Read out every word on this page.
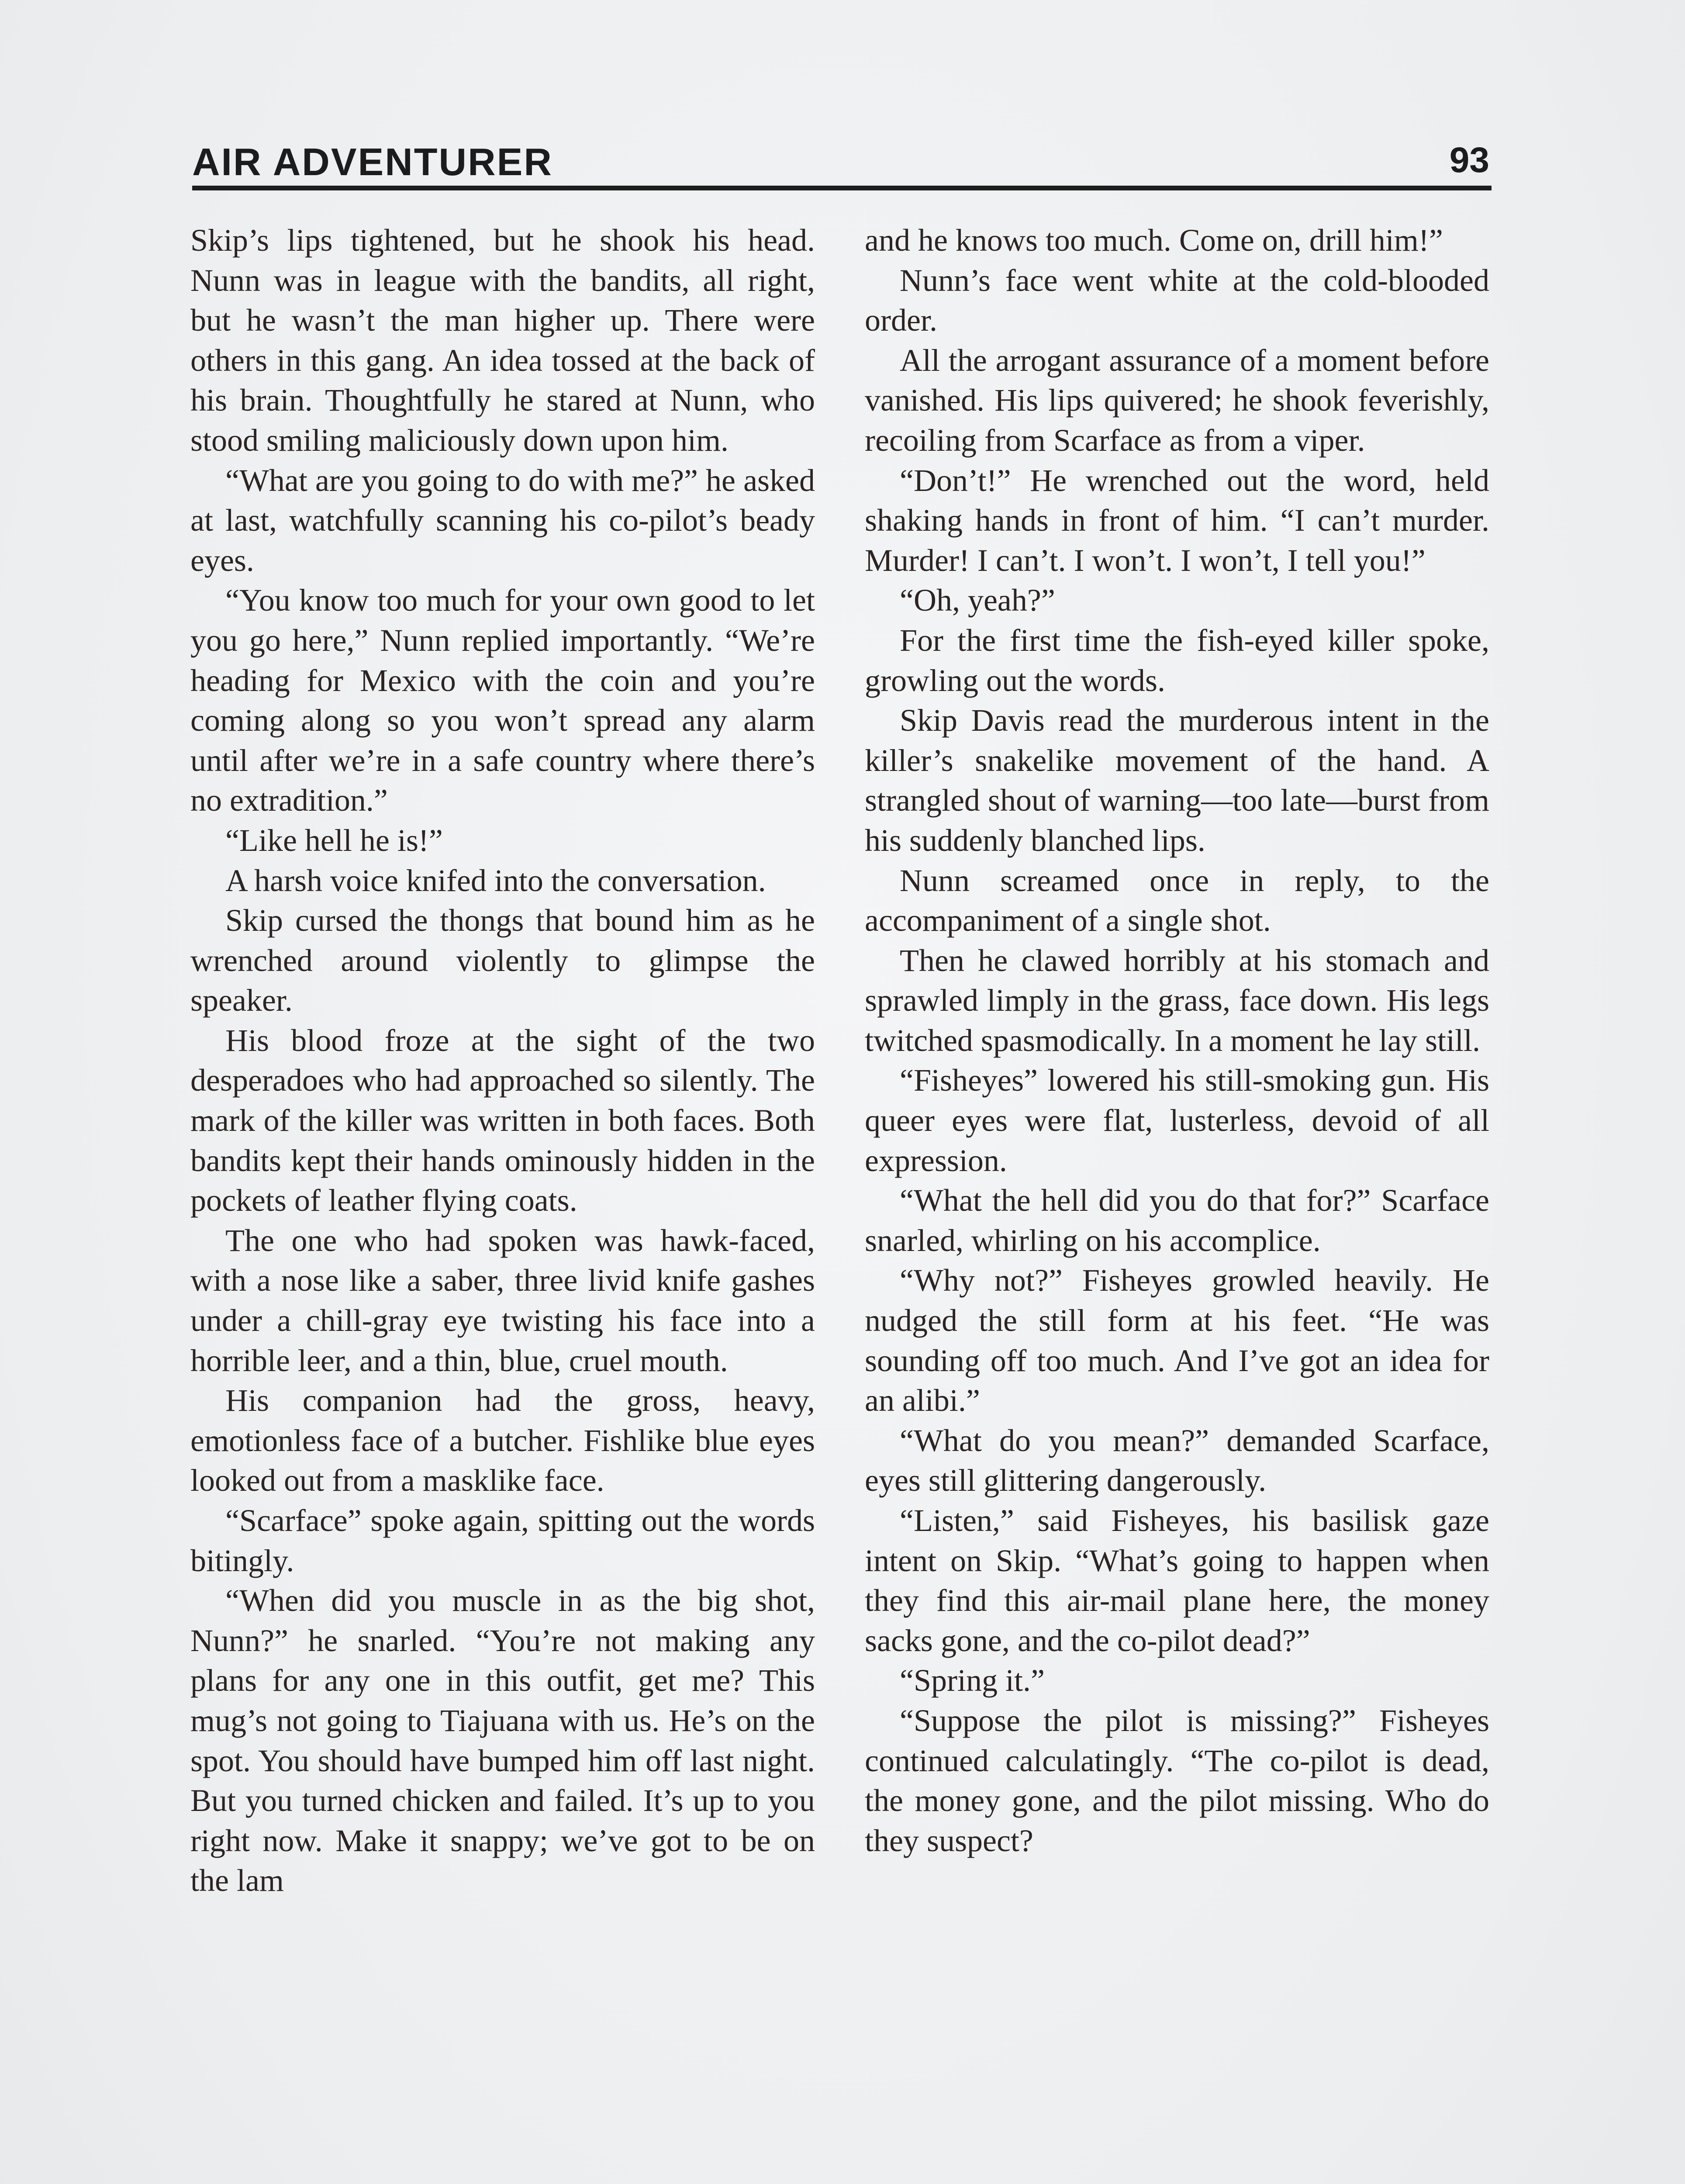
AIR ADVENTURER	93

Skip’s lips tightened, but he shook his head. Nunn was in league with the bandits, all right, but he wasn’t the man higher up. There were others in this gang. An idea tossed at the back of his brain. Thoughtfully he stared at Nunn, who stood smiling maliciously down upon him.

“What are you going to do with me?” he asked at last, watchfully scanning his co-pilot’s beady eyes.

“You know too much for your own good to let you go here,” Nunn replied importantly. “We’re heading for Mexico with the coin and you’re coming along so you won’t spread any alarm until after we’re in a safe country where there’s no extradition.”

“Like hell he is!”

A harsh voice knifed into the conversation.

Skip cursed the thongs that bound him as he wrenched around violently to glimpse the speaker.

His blood froze at the sight of the two desperadoes who had approached so silently. The mark of the killer was written in both faces. Both bandits kept their hands ominously hidden in the pockets of leather flying coats.

The one who had spoken was hawk-faced, with a nose like a saber, three livid knife gashes under a chill-gray eye twisting his face into a horrible leer, and a thin, blue, cruel mouth.

His companion had the gross, heavy, emotionless face of a butcher. Fishlike blue eyes looked out from a masklike face.

“Scarface” spoke again, spitting out the words bitingly.

“When did you muscle in as the big shot, Nunn?” he snarled. “You’re not making any plans for any one in this outfit, get me? This mug’s not going to Tiajuana with us. He’s on the spot. You should have bumped him off last night. But you turned chicken and failed. It’s up to you right now. Make it snappy; we’ve got to be on the lam

and he knows too much. Come on, drill him!”

Nunn’s face went white at the cold-blooded order.

All the arrogant assurance of a moment before vanished. His lips quivered; he shook feverishly, recoiling from Scarface as from a viper.

“Don’t!” He wrenched out the word, held shaking hands in front of him. “I can’t murder. Murder! I can’t. I won’t. I won’t, I tell you!”

“Oh, yeah?”

For the first time the fish-eyed killer spoke, growling out the words.

Skip Davis read the murderous intent in the killer’s snakelike movement of the hand. A strangled shout of warning—too late—burst from his suddenly blanched lips.

Nunn screamed once in reply, to the accompaniment of a single shot.

Then he clawed horribly at his stomach and sprawled limply in the grass, face down. His legs twitched spasmodically. In a moment he lay still.

“Fisheyes” lowered his still-smoking gun. His queer eyes were flat, lusterless, devoid of all expression.

“What the hell did you do that for?” Scarface snarled, whirling on his accomplice.

“Why not?” Fisheyes growled heavily. He nudged the still form at his feet. “He was sounding off too much. And I’ve got an idea for an alibi.”

“What do you mean?” demanded Scarface, eyes still glittering dangerously.

“Listen,” said Fisheyes, his basilisk gaze intent on Skip. “What’s going to happen when they find this air-mail plane here, the money sacks gone, and the co-pilot dead?”

“Spring it.”

“Suppose the pilot is missing?” Fisheyes continued calculatingly. “The co-pilot is dead, the money gone, and the pilot missing. Who do they suspect?
